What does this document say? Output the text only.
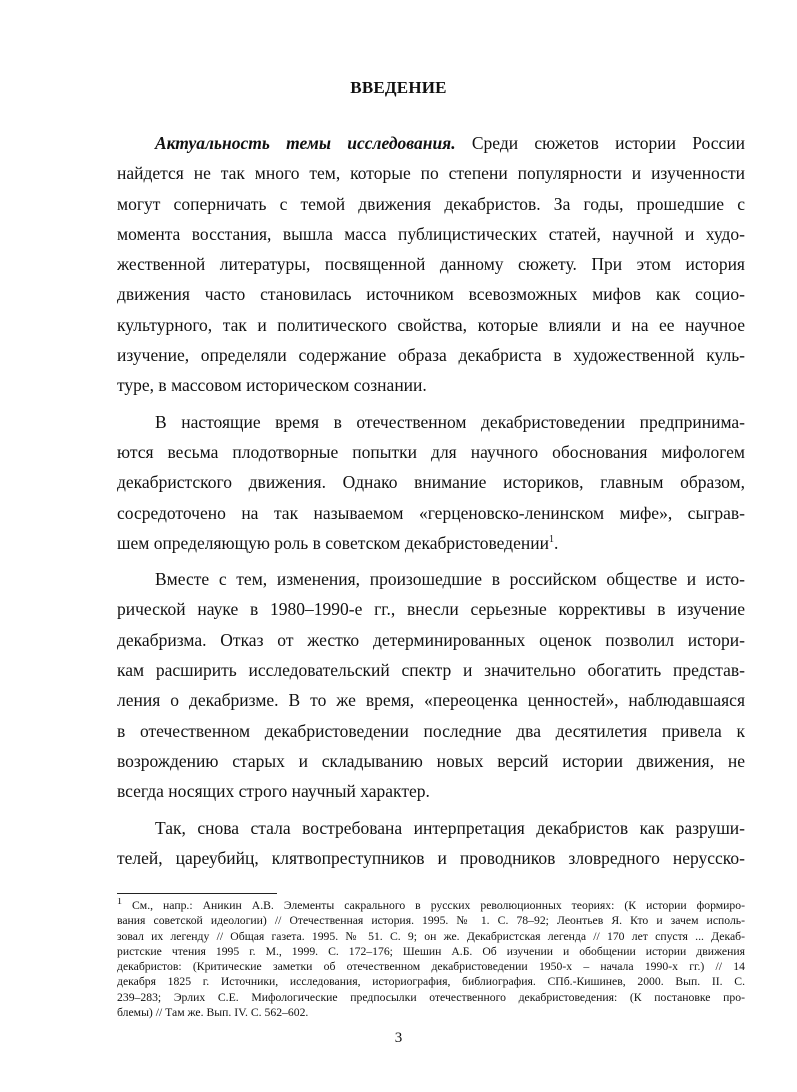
ВВЕДЕНИЕ
Актуальность темы исследования. Среди сюжетов истории России
найдется не так много тем, которые по степени популярности и изученности
могут соперничать с темой движения декабристов. За годы, прошедшие с
момента восстания, вышла масса публицистических статей, научной и худо-
жественной литературы, посвященной данному сюжету. При этом история
движения часто становилась источником всевозможных мифов как социо-
культурного, так и политического свойства, которые влияли и на ее научное
изучение, определяли содержание образа декабриста в художественной куль-
туре, в массовом историческом сознании.
В настоящие время в отечественном декабристоведении предпринима-
ются весьма плодотворные попытки для научного обоснования мифологем
декабристского движения. Однако внимание историков, главным образом,
сосредоточено на так называемом «герценовско-ленинском мифе», сыграв-
шем определяющую роль в советском декабристоведении$^1$.
Вместе с тем, изменения, произошедшие в российском обществе и исто-
рической науке в 1980–1990-е гг., внесли серьезные коррективы в изучение
декабризма. Отказ от жестко детерминированных оценок позволил истори-
кам расширить исследовательский спектр и значительно обогатить представ-
ления о декабризме. В то же время, «переоценка ценностей», наблюдавшаяся
в отечественном декабристоведении последние два десятилетия привела к
возрождению старых и складыванию новых версий истории движения, не
всегда носящих строго научный характер.
Так, снова стала востребована интерпретация декабристов как разруши-
телей, цареубийц, клятвопреступников и проводников зловредного нерусско-
$^1$ См., напр.: Аникин А.В. Элементы сакрального в русских революционных теориях: (К истории формиро-
вания советской идеологии) // Отечественная история. 1995. № 1. С. 78–92; Леонтьев Я. Кто и зачем исполь-
зовал их легенду // Общая газета. 1995. № 51. С. 9; он же. Декабристская легенда // 170 лет спустя ... Декаб-
ристские чтения 1995 г. М., 1999. С. 172–176; Шешин А.Б. Об изучении и обобщении истории движения
декабристов: (Критические заметки об отечественном декабристоведении 1950-х – начала 1990-х гг.) // 14
декабря 1825 г. Источники, исследования, историография, библиография. СПб.-Кишинев, 2000. Вып. II. С.
239–283; Эрлих С.Е. Мифологические предпосылки отечественного декабристоведения: (К постановке про-
блемы) // Там же. Вып. IV. С. 562–602.
3
